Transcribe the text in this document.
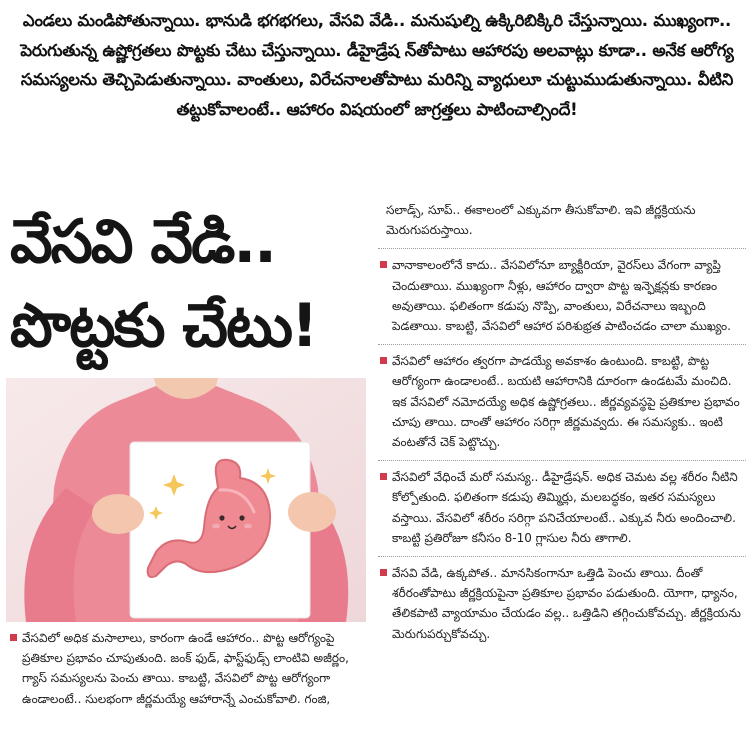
ఎండలు మండిపోతున్నాయి. భానుడి భగభగలు, వేసవి వేడి.. మనుషుల్ని ఉక్కిరిబిక్కిరి చేస్తున్నాయి. ముఖ్యంగా.. పెరుగుతున్న ఉష్ణోగ్రతలు పొట్టకు చేటు చేస్తున్నాయి. డీహైడ్రేష న్‌తోపాటు ఆహారపు అలవాట్లు కూడా.. అనేక ఆరోగ్య సమస్యలను తెచ్చిపెడుతున్నాయి. వాంతులు, విరేచనాలతోపాటు మరిన్ని వ్యాధులూ చుట్టుముడుతున్నాయి. వీటిని తట్టుకోవాలంటే.. ఆహారం విషయంలో జాగ్రత్తలు పాటించాల్సిందే!
వేసవి వేడి..
పొట్టకు చేటు!
వేసవిలో అధిక మసాలాలు, కారంగా ఉండే ఆహారం.. పొట్ట ఆరోగ్యంపై ప్రతికూల ప్రభావం చూపుతుంది. జంక్ ఫుడ్, ఫాస్ట్‌ఫుడ్స్ లాంటివి అజీర్ణం, గ్యాస్ సమస్యలను పెంచు తాయి. కాబట్టి, వేసవిలో పొట్ట ఆరోగ్యంగా ఉండాలంటే.. సులభంగా జీర్ణమయ్యే ఆహారాన్నే ఎంచుకోవాలి. గంజి,
సలాడ్స్, సూప్.. ఈకాలంలో ఎక్కువగా తీసుకోవాలి. ఇవి జీర్ణక్రియను మెరుగుపరుస్తాయి.
వానాకాలంలోనే కాదు.. వేసవిలోనూ బ్యాక్టీరియా, వైరస్‌లు వేగంగా వ్యాప్తి చెందుతాయి. ముఖ్యంగా నీళ్లు, ఆహారం ద్వారా పొట్ట ఇన్ఫెక్షన్లకు కారణం అవుతాయి. ఫలితంగా కడుపు నొప్పి, వాంతులు, విరేచనాలు ఇబ్బంది పెడతాయి. కాబట్టి, వేసవిలో ఆహార పరిశుభ్రత పాటించడం చాలా ముఖ్యం.
వేసవిలో ఆహారం త్వరగా పాడయ్యే అవకాశం ఉంటుంది. కాబట్టి, పొట్ట ఆరోగ్యంగా ఉండాలంటే.. బయటి ఆహారానికి దూరంగా ఉండటమే మంచిది. ఇక వేసవిలో నమోదయ్యే అధిక ఉష్ణోగ్రతలు.. జీర్ణవ్యవస్థపై ప్రతికూల ప్రభావం చూపు తాయి. దాంతో ఆహారం సరిగ్గా జీర్ణమవ్వదు. ఈ సమస్యకు.. ఇంటి వంటతోనే చెక్ పెట్టొచ్చు.
వేసవిలో వేధించే మరో సమస్య.. డీహైడ్రేషన్. అధిక చెమట వల్ల శరీరం నీటిని కోల్పోతుంది. ఫలితంగా కడుపు తిమ్మిర్లు, మలబద్ధకం, ఇతర సమస్యలు వస్తాయి. వేసవిలో శరీరం సరిగ్గా పనిచేయాలంటే.. ఎక్కువ నీరు అందించాలి. కాబట్టి ప్రతిరోజూ కనీసం 8-10 గ్లాసుల నీరు తాగాలి.
వేసవి వేడి, ఉక్కపోత.. మానసికంగానూ ఒత్తిడి పెంచు తాయి. దీంతో శరీరంతోపాటు జీర్ణక్రియపైనా ప్రతికూల ప్రభావం పడుతుంది. యోగా, ధ్యానం, తేలికపాటి వ్యాయామం చేయడం వల్ల.. ఒత్తిడిని తగ్గించుకోవచ్చు. జీర్ణక్రియను మెరుగుపర్చుకోవచ్చు.
